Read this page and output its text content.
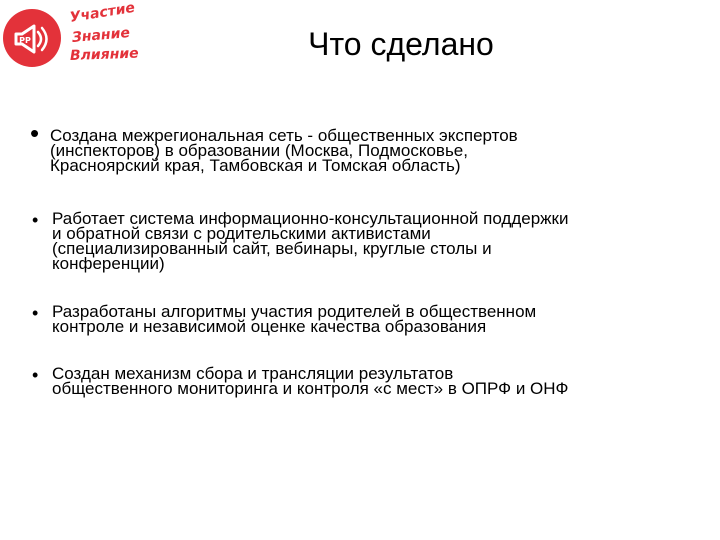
РР
Участие
Знание
Влияние	Что сделано
• Создана межрегиональная сеть - общественных экспертов
(инспекторов) в образовании (Москва, Подмосковье,
Красноярский края, Тамбовская и Томская область)
• Работает система информационно-консультационной поддержки
и обратной связи с родительскими активистами
(специализированный сайт, вебинары, круглые столы и
конференции)
• Разработаны алгоритмы участия родителей в общественном
контроле и независимой оценке качества образования
• Создан механизм сбора и трансляции результатов
общественного мониторинга и контроля «с мест» в ОПРФ и ОНФ
